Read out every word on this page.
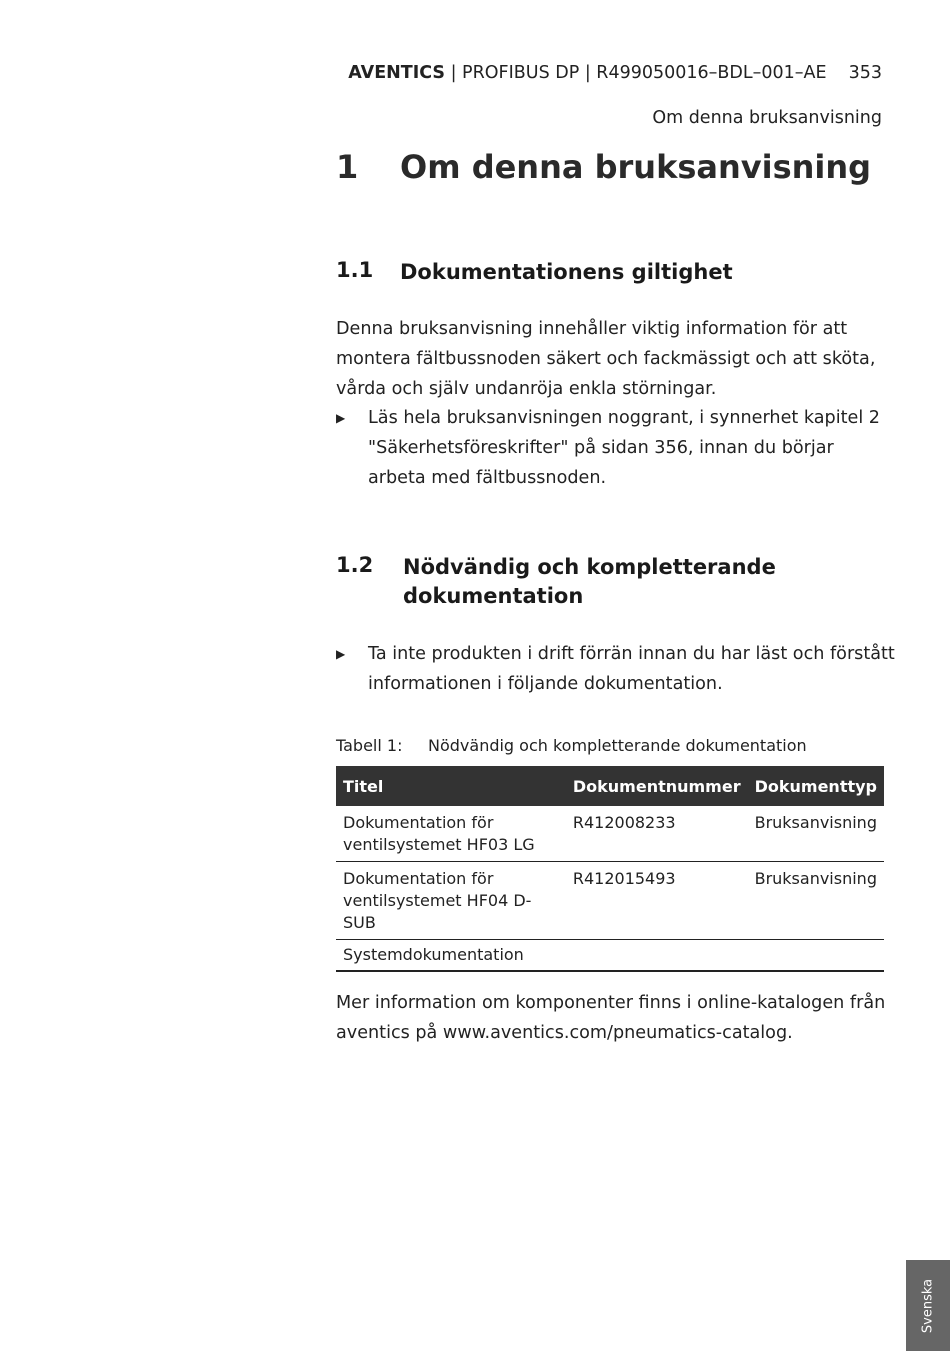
AVENTICS | PROFIBUS DP | R499050016–BDL–001–AE 353
Om denna bruksanvisning
1 Om denna bruksanvisning
1.1 Dokumentationens giltighet
Denna bruksanvisning innehåller viktig information för att montera fältbussnoden säkert och fackmässigt och att sköta, vårda och själv undanröja enkla störningar.
▶ Läs hela bruksanvisningen noggrant, i synnerhet kapitel 2 "Säkerhetsföreskrifter" på sidan 356, innan du börjar arbeta med fältbussnoden.
1.2 Nödvändig och kompletterande
dokumentation
▶ Ta inte produkten i drift förrän innan du har läst och förstått informationen i följande dokumentation.
Tabell 1: Nödvändig och kompletterande dokumentation
Titel	Dokumentnummer	Dokumenttyp
Dokumentation för ventilsystemet HF03 LG	R412008233	Bruksanvisning
Dokumentation för ventilsystemet HF04 D-SUB	R412015493	Bruksanvisning
Systemdokumentation		
Mer information om komponenter finns i online-katalogen från aventics på www.aventics.com/pneumatics-catalog.
Svenska
